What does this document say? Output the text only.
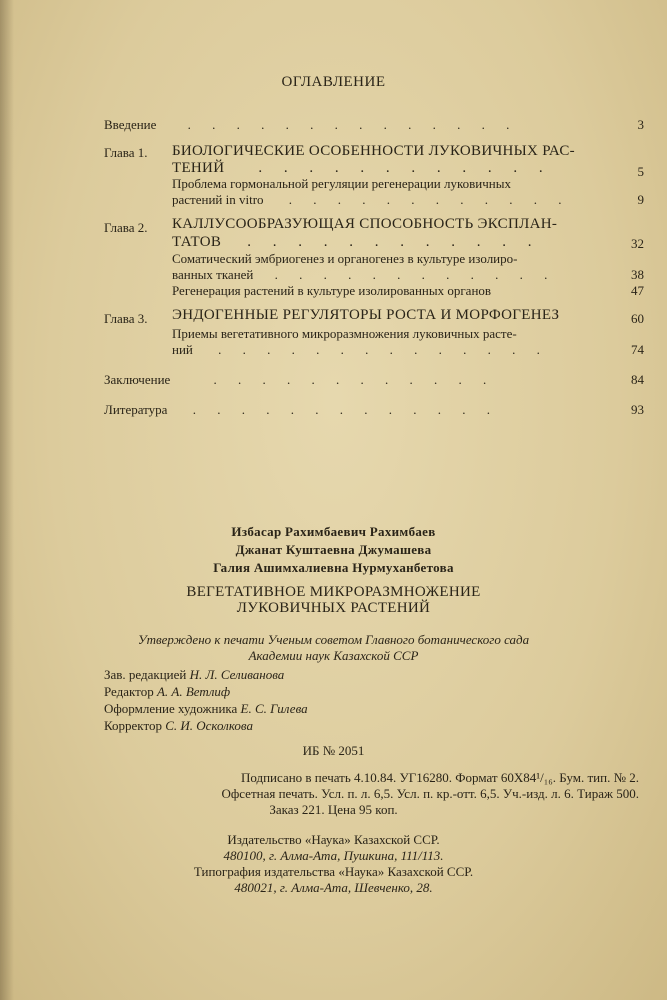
ОГЛАВЛЕНИЕ
Введение . . . . . . . . . . . . . .	3
Глава 1. БИОЛОГИЧЕСКИЕ ОСОБЕННОСТИ ЛУКОВИЧНЫХ РАС-
ТЕНИЙ . . . . . . . . . . . .	5
Проблема гормональной регуляции регенерации луковичных
растений in vitro . . . . . . . . . . . .	9
Глава 2. КАЛЛУСООБРАЗУЮЩАЯ СПОСОБНОСТЬ ЭКСПЛАН-
ТАТОВ . . . . . . . . . . . .	32
Соматический эмбриогенез и органогенез в культуре изолиро-
ванных тканей . . . . . . . . . . . .	38
Регенерация растений в культуре изолированных органов	47
Глава 3. ЭНДОГЕННЫЕ РЕГУЛЯТОРЫ РОСТА И МОРФОГЕНЕЗ	60
Приемы вегетативного микроразмножения луковичных расте-
ний . . . . . . . . . . . . . .	74
Заключение	. . . . . . . . . . . .	84
Литература . . . . . . . . . . . . .	93
Избасар Рахимбаевич Рахимбаев
Джанат Куштаевна Джумашева
Галия Ашимхалиевна Нурмуханбетова
ВЕГЕТАТИВНОЕ МИКРОРАЗМНОЖЕНИЕ
ЛУКОВИЧНЫХ РАСТЕНИЙ
Утверждено к печати Ученым советом Главного ботанического сада
Академии наук Казахской ССР
Зав. редакцией Н. Л. Селиванова
Редактор А. А. Ветлиф
Оформление художника Е. С. Гилева
Корректор С. И. Осколкова
ИБ № 2051
Подписано в печать 4.10.84. УГ16280. Формат 60Х84¹/₁₆. Бум. тип. № 2.
Офсетная печать. Усл. п. л. 6,5. Усл. п. кр.-отт. 6,5. Уч.-изд. л. 6. Тираж 500.
Заказ 221. Цена 95 коп.
Издательство «Наука» Казахской ССР.
480100, г. Алма-Ата, Пушкина, 111/113.
Типография издательства «Наука» Казахской ССР.
480021, г. Алма-Ата, Шевченко, 28.
